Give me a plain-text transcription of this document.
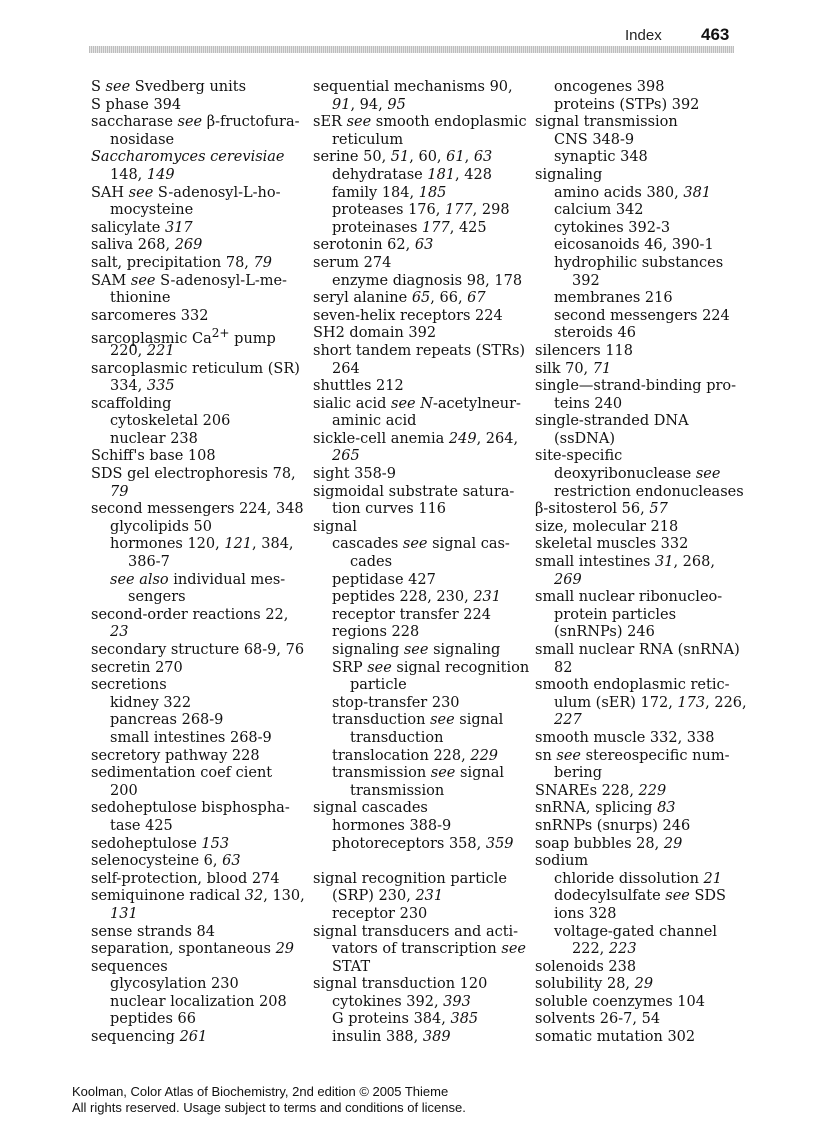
Index 463
S see Svedberg units
S phase 394
saccharase see β-fructofura-
nosidase
Saccharomyces cerevisiae
148, 149
SAH see S-adenosyl-L-ho-
mocysteine
salicylate 317
saliva 268, 269
salt, precipitation 78, 79
SAM see S-adenosyl-L-me-
thionine
sarcomeres 332
sarcoplasmic $Ca^{2+}$ pump
220, 221
sarcoplasmic reticulum (SR)
334, 335
scaffolding
cytoskeletal 206
nuclear 238
Schiff's base 108
SDS gel electrophoresis 78,
79
second messengers 224, 348
glycolipids 50
hormones 120, 121, 384,
386-7
see also individual mes-
sengers
second-order reactions 22,
23
secondary structure 68-9, 76
secretin 270
secretions
kidney 322
pancreas 268-9
small intestines 268-9
secretory pathway 228
sedimentation coef cient
200
sedoheptulose bisphospha-
tase 425
sedoheptulose 153
selenocysteine 6, 63
self-protection, blood 274
semiquinone radical 32, 130,
131
sense strands 84
separation, spontaneous 29
sequences
glycosylation 230
nuclear localization 208
peptides 66
sequencing 261
sequential mechanisms 90,
91, 94, 95
sER see smooth endoplasmic
reticulum
serine 50, 51, 60, 61, 63
dehydratase 181, 428
family 184, 185
proteases 176, 177, 298
proteinases 177, 425
serotonin 62, 63
serum 274
enzyme diagnosis 98, 178
seryl alanine 65, 66, 67
seven-helix receptors 224
SH2 domain 392
short tandem repeats (STRs)
264
shuttles 212
sialic acid see N-acetylneur-
aminic acid
sickle-cell anemia 249, 264,
265
sight 358-9
sigmoidal substrate satura-
tion curves 116
signal
cascades see signal cas-
cades
peptidase 427
peptides 228, 230, 231
receptor transfer 224
regions 228
signaling see signaling
SRP see signal recognition
particle
stop-transfer 230
transduction see signal
transduction
translocation 228, 229
transmission see signal
transmission
signal cascades
hormones 388-9
photoreceptors 358, 359
signal recognition particle
(SRP) 230, 231
receptor 230
signal transducers and acti-
vators of transcription see
STAT
signal transduction 120
cytokines 392, 393
G proteins 384, 385
insulin 388, 389
oncogenes 398
proteins (STPs) 392
signal transmission
CNS 348-9
synaptic 348
signaling
amino acids 380, 381
calcium 342
cytokines 392-3
eicosanoids 46, 390-1
hydrophilic substances
392
membranes 216
second messengers 224
steroids 46
silencers 118
silk 70, 71
single—strand-binding pro-
teins 240
single-stranded DNA
(ssDNA)
site-specific
deoxyribonuclease see
restriction endonucleases
β-sitosterol 56, 57
size, molecular 218
skeletal muscles 332
small intestines 31, 268,
269
small nuclear ribonucleo-
protein particles
(snRNPs) 246
small nuclear RNA (snRNA)
82
smooth endoplasmic retic-
ulum (sER) 172, 173, 226,
227
smooth muscle 332, 338
sn see stereospecific num-
bering
SNAREs 228, 229
snRNA, splicing 83
snRNPs (snurps) 246
soap bubbles 28, 29
sodium
chloride dissolution 21
dodecylsulfate see SDS
ions 328
voltage-gated channel
222, 223
solenoids 238
solubility 28, 29
soluble coenzymes 104
solvents 26-7, 54
somatic mutation 302
Koolman, Color Atlas of Biochemistry, 2nd edition © 2005 Thieme
All rights reserved. Usage subject to terms and conditions of license.
